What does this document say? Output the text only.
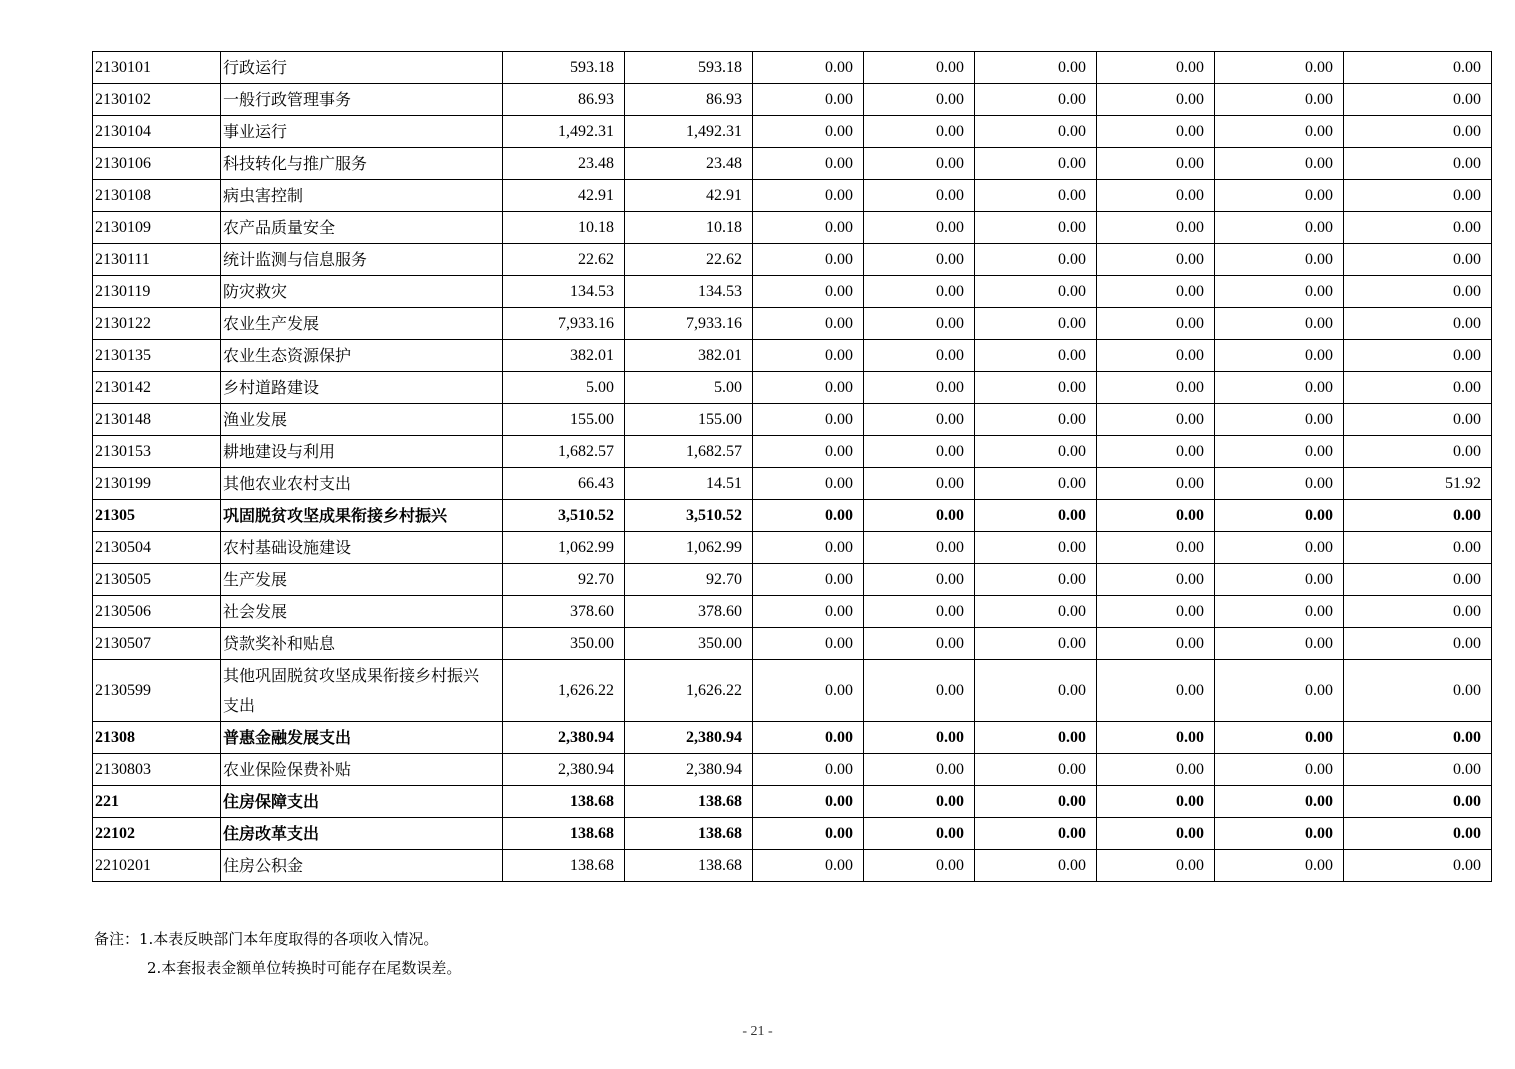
2130101	行政运行	593.18	593.18	0.00	0.00	0.00	0.00	0.00	0.00
2130102	一般行政管理事务	86.93	86.93	0.00	0.00	0.00	0.00	0.00	0.00
2130104	事业运行	1,492.31	1,492.31	0.00	0.00	0.00	0.00	0.00	0.00
2130106	科技转化与推广服务	23.48	23.48	0.00	0.00	0.00	0.00	0.00	0.00
2130108	病虫害控制	42.91	42.91	0.00	0.00	0.00	0.00	0.00	0.00
2130109	农产品质量安全	10.18	10.18	0.00	0.00	0.00	0.00	0.00	0.00
2130111	统计监测与信息服务	22.62	22.62	0.00	0.00	0.00	0.00	0.00	0.00
2130119	防灾救灾	134.53	134.53	0.00	0.00	0.00	0.00	0.00	0.00
2130122	农业生产发展	7,933.16	7,933.16	0.00	0.00	0.00	0.00	0.00	0.00
2130135	农业生态资源保护	382.01	382.01	0.00	0.00	0.00	0.00	0.00	0.00
2130142	乡村道路建设	5.00	5.00	0.00	0.00	0.00	0.00	0.00	0.00
2130148	渔业发展	155.00	155.00	0.00	0.00	0.00	0.00	0.00	0.00
2130153	耕地建设与利用	1,682.57	1,682.57	0.00	0.00	0.00	0.00	0.00	0.00
2130199	其他农业农村支出	66.43	14.51	0.00	0.00	0.00	0.00	0.00	51.92
21305	巩固脱贫攻坚成果衔接乡村振兴	3,510.52	3,510.52	0.00	0.00	0.00	0.00	0.00	0.00
2130504	农村基础设施建设	1,062.99	1,062.99	0.00	0.00	0.00	0.00	0.00	0.00
2130505	生产发展	92.70	92.70	0.00	0.00	0.00	0.00	0.00	0.00
2130506	社会发展	378.60	378.60	0.00	0.00	0.00	0.00	0.00	0.00
2130507	贷款奖补和贴息	350.00	350.00	0.00	0.00	0.00	0.00	0.00	0.00
2130599	其他巩固脱贫攻坚成果衔接乡村振兴支出	1,626.22	1,626.22	0.00	0.00	0.00	0.00	0.00	0.00
21308	普惠金融发展支出	2,380.94	2,380.94	0.00	0.00	0.00	0.00	0.00	0.00
2130803	农业保险保费补贴	2,380.94	2,380.94	0.00	0.00	0.00	0.00	0.00	0.00
221	住房保障支出	138.68	138.68	0.00	0.00	0.00	0.00	0.00	0.00
22102	住房改革支出	138.68	138.68	0.00	0.00	0.00	0.00	0.00	0.00
2210201	住房公积金	138.68	138.68	0.00	0.00	0.00	0.00	0.00	0.00
备注：1.本表反映部门本年度取得的各项收入情况。
2.本套报表金额单位转换时可能存在尾数误差。
- 21 -
